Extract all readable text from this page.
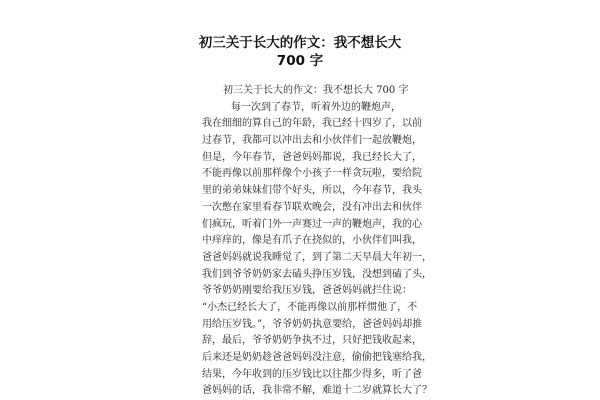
初三关于长大的作文：我不想长大
700 字
初三关于长大的作文：我不想长大 700 字
每一次到了春节，听着外边的鞭炮声，
我在细细的算自己的年龄，我已经十四岁了，以前
过春节，我都可以冲出去和小伙伴们一起放鞭炮，
但是，今年春节，爸爸妈妈都说，我已经长大了，
不能再像以前那样像个小孩子一样贪玩啦，要给院
里的弟弟妹妹们带个好头，所以，今年春节，我头
一次憋在家里看春节联欢晚会，没有冲出去和伙伴
们疯玩，听着门外一声赛过一声的鞭炮声，我的心
中痒痒的，像是有爪子在挠似的，小伙伴们叫我，
爸爸妈妈就说我睡觉了，到了第二天早晨大年初一，
我们到爷爷奶奶家去磕头挣压岁钱，没想到磕了头，
爷爷奶奶刚要给我压岁钱，爸爸妈妈就拦住说：
“小杰已经长大了，不能再像以前那样惯他了，不
用给压岁钱。”，爷爷奶奶执意要给，爸爸妈妈却推
辞，最后，爷爷奶奶争执不过，只好把钱收起来，
后来还是奶奶趁爸爸妈妈没注意，偷偷把钱塞给我，
结果，今年收到的压岁钱比以往都少得多，听了爸
爸妈妈的话，我非常不解，难道十二岁就算长大了？
